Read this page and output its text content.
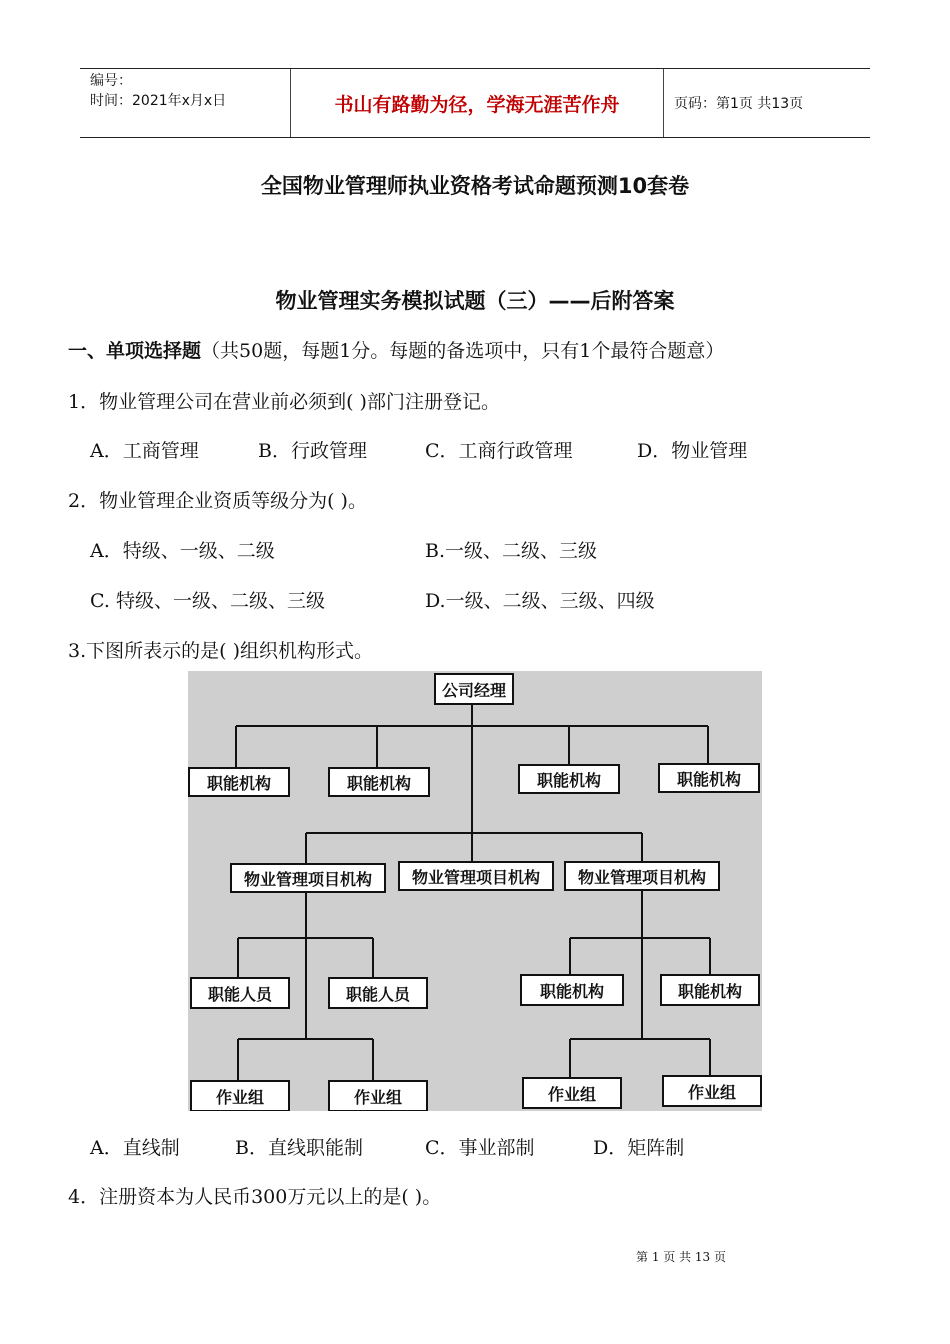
编号：
时间：2021年x月x日	书山有路勤为径，学海无涯苦作舟	页码：第1页 共13页
全国物业管理师执业资格考试命题预测10套卷
物业管理实务模拟试题（三）——后附答案
一、单项选择题（共50题，每题1分。每题的备选项中，只有1个最符合题意）
1．物业管理公司在营业前必须到( )部门注册登记。
A．工商管理	B．行政管理	C．工商行政管理	D．物业管理
2．物业管理企业资质等级分为( )。
A．特级、一级、二级	B.一级、二级、三级
C. 特级、一级、二级、三级	D.一级、二级、三级、四级
3.下图所表示的是( )组织机构形式。
公司经理
职能机构	职能机构	职能机构	职能机构
物业管理项目机构	物业管理项目机构	物业管理项目机构
职能人员	职能人员	职能机构	职能机构
作业组	作业组	作业组	作业组
A．直线制	B．直线职能制	C．事业部制	D．矩阵制
4．注册资本为人民币300万元以上的是( )。
第 1 页 共 13 页
